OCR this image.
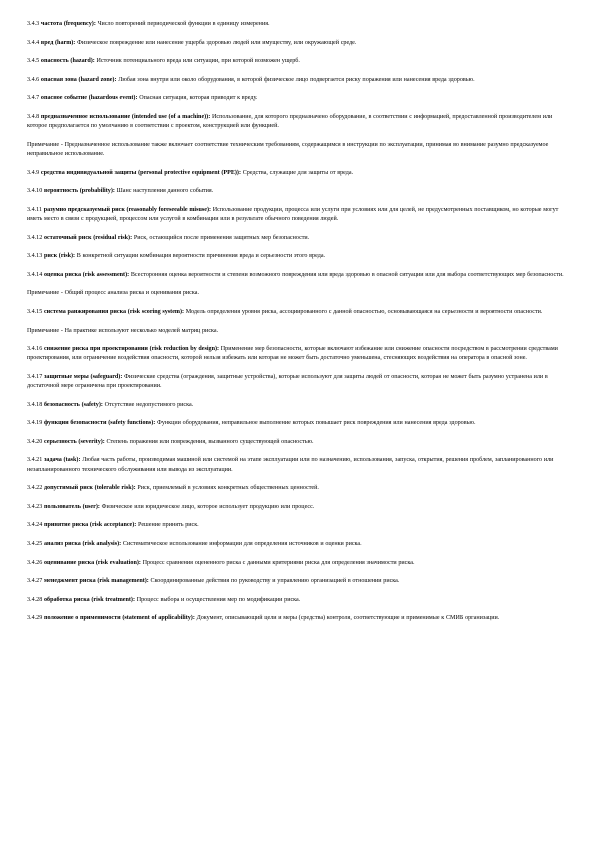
3.4.3 частота (frequency): Число повторений периодической функции в единицу измерения.

3.4.4 вред (harm): Физическое повреждение или нанесение ущерба здоровью людей или имуществу, или окружающей среде.

3.4.5 опасность (hazard): Источник потенциального вреда или ситуации, при которой возможен ущерб.

3.4.6 опасная зона (hazard zone): Любая зона внутри или около оборудования, в которой физическое лицо подвергается риску поражения или нанесения вреда здоровью.

3.4.7 опасное событие (hazardous event): Опасная ситуация, которая приводит к вреду.

3.4.8 предназначенное использование (intended use (of a machine)): Использование, для которого предназначено оборудование, в соответствии с информацией, предоставленной производителем или которое предполагается по умолчанию в соответствии с проектом, конструкцией или функцией.

Примечание - Предназначенное использование также включает соответствие техническим требованиям, содержащимся в инструкции по эксплуатации, принимая во внимание разумно предсказуемое неправильное использование.

3.4.9 средства индивидуальной защиты (personal protective equipment (PPE)): Средства, служащие для защиты от вреда.

3.4.10 вероятность (probability): Шанс наступления данного события.

3.4.11 разумно предсказуемый риск (reasonably foreseeable misuse): Использование продукции, процесса или услуги при условиях или для целей, не предусмотренных поставщиком, но которые могут иметь место в связи с продукцией, процессом или услугой в комбинации или в результате обычного поведения людей.

3.4.12 остаточный риск (residual risk): Риск, остающийся после применения защитных мер безопасности.

3.4.13 риск (risk): В конкретной ситуации комбинация вероятности причинения вреда и серьезности этого вреда.

3.4.14 оценка риска (risk assessment): Всесторонняя оценка вероятности и степени возможного повреждения или вреда здоровью в опасной ситуации или для выбора соответствующих мер безопасности.

Примечание - Общий процесс анализа риска и оценивания риска.

3.4.15 система ранжирования риска (risk scoring system): Модель определения уровня риска, ассоциированного с данной опасностью, основывающаяся на серьезности и вероятности опасности.

Примечание - На практике используют несколько моделей матриц риска.

3.4.16 снижение риска при проектировании (risk reduction by design): Применение мер безопасности, которые включают избежание или снижение опасности посредством в рассмотрении средствами проектирования, или ограничение воздействия опасности, которой нельзя избежать или которая не может быть достаточно уменьшена, стесняющих воздействия на оператора в опасной зоне.

3.4.17 защитные меры (safeguard): Физические средства (ограждения, защитные устройства), которые используют для защиты людей от опасности, которая не может быть разумно устранена или в достаточной мере ограничена при проектировании.

3.4.18 безопасность (safety): Отсутствие недопустимого риска.

3.4.19 функции безопасности (safety functions): Функции оборудования, неправильное выполнение которых повышает риск повреждения или нанесения вреда здоровью.

3.4.20 серьезность (severity): Степень поражения или повреждения, вызванного существующей опасностью.

3.4.21 задача (task): Любая часть работы, производимая машиной или системой на этапе эксплуатации или по назначению, использования, запуска, открытия, решения проблем, запланированного или незапланированного технического обслуживания или вывода из эксплуатации.

3.4.22 допустимый риск (tolerable risk): Риск, приемлемый в условиях конкретных общественных ценностей.

3.4.23 пользователь (user): Физическое или юридическое лицо, которое использует продукцию или процесс.

3.4.24 принятие риска (risk acceptance): Решение принять риск.

3.4.25 анализ риска (risk analysis): Систематическое использование информации для определения источников и оценки риска.

3.4.26 оценивание риска (risk evaluation): Процесс сравнения оцененного риска с данными критериями риска для определения значимости риска.

3.4.27 менеджмент риска (risk management): Скоординированные действия по руководству и управлению организацией в отношении риска.

3.4.28 обработка риска (risk treatment): Процесс выбора и осуществления мер по модификации риска.

3.4.29 положение о применимости (statement of applicability): Документ, описывающий цели и меры (средства) контроля, соответствующие и применимые к СМИБ организации.
